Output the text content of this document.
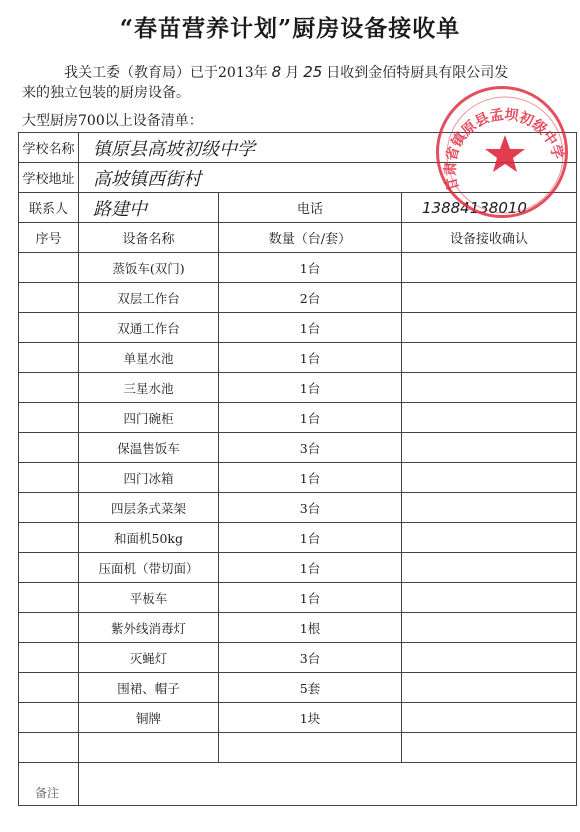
“春苗营养计划”厨房设备接收单
我关工委（教育局）已于2013年 8 月 25 日收到金佰特厨具有限公司发
来的独立包装的厨房设备。
大型厨房700以上设备清单：
学校名称	镇原县高坡初级中学		
学校地址	高坡镇西街村		
联系人	路建中	电话	13884138010
序号	设备名称	数量（台/套）	设备接收确认
	蒸饭车(双门)	1台	
	双层工作台	2台	
	双通工作台	1台	
	单星水池	1台	
	三星水池	1台	
	四门碗柜	1台	
	保温售饭车	3台	
	四门冰箱	1台	
	四层条式菜架	3台	
	和面机50kg	1台	
	压面机（带切面）	1台	
	平板车	1台	
	紫外线消毒灯	1根	
	灭蝇灯	3台	
	围裙、帽子	5套	
	铜牌	1块	

备注			
甘肃省镇原县孟坝初级中学
